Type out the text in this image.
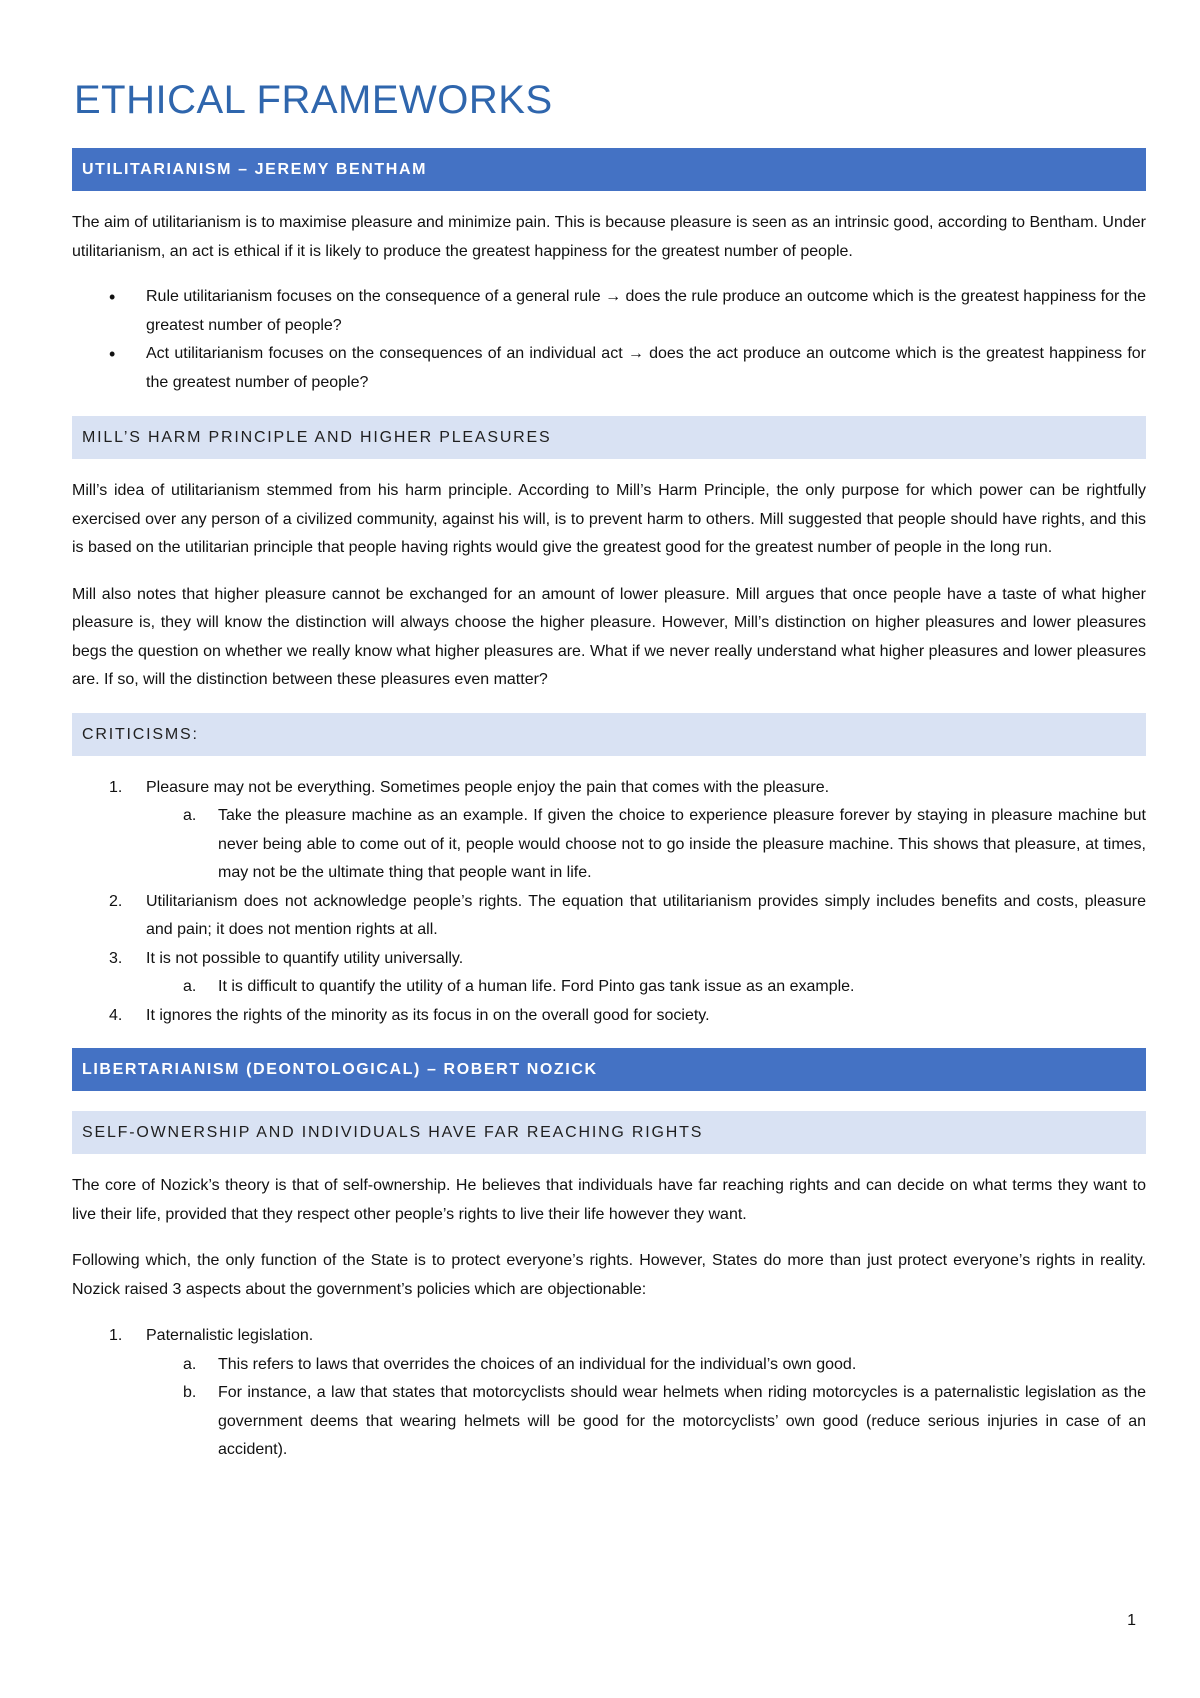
ETHICAL FRAMEWORKS
UTILITARIANISM – JEREMY BENTHAM

The aim of utilitarianism is to maximise pleasure and minimize pain. This is because pleasure is seen as an intrinsic good, according to Bentham. Under utilitarianism, an act is ethical if it is likely to produce the greatest happiness for the greatest number of people.

• Rule utilitarianism focuses on the consequence of a general rule → does the rule produce an outcome which is the greatest happiness for the greatest number of people?
• Act utilitarianism focuses on the consequences of an individual act → does the act produce an outcome which is the greatest happiness for the greatest number of people?
MILL’S HARM PRINCIPLE AND HIGHER PLEASURES

Mill’s idea of utilitarianism stemmed from his harm principle. According to Mill’s Harm Principle, the only purpose for which power can be rightfully exercised over any person of a civilized community, against his will, is to prevent harm to others. Mill suggested that people should have rights, and this is based on the utilitarian principle that people having rights would give the greatest good for the greatest number of people in the long run.

Mill also notes that higher pleasure cannot be exchanged for an amount of lower pleasure. Mill argues that once people have a taste of what higher pleasure is, they will know the distinction will always choose the higher pleasure. However, Mill’s distinction on higher pleasures and lower pleasures begs the question on whether we really know what higher pleasures are. What if we never really understand what higher pleasures and lower pleasures are. If so, will the distinction between these pleasures even matter?

CRITICISMS:
1. Pleasure may not be everything. Sometimes people enjoy the pain that comes with the pleasure.
a. Take the pleasure machine as an example. If given the choice to experience pleasure forever by staying in pleasure machine but never being able to come out of it, people would choose not to go inside the pleasure machine. This shows that pleasure, at times, may not be the ultimate thing that people want in life.
2. Utilitarianism does not acknowledge people’s rights. The equation that utilitarianism provides simply includes benefits and costs, pleasure and pain; it does not mention rights at all.
3. It is not possible to quantify utility universally.
a. It is difficult to quantify the utility of a human life. Ford Pinto gas tank issue as an example.
4. It ignores the rights of the minority as its focus in on the overall good for society.
LIBERTARIANISM (DEONTOLOGICAL) – ROBERT NOZICK
SELF-OWNERSHIP AND INDIVIDUALS HAVE FAR REACHING RIGHTS

The core of Nozick’s theory is that of self-ownership. He believes that individuals have far reaching rights and can decide on what terms they want to live their life, provided that they respect other people’s rights to live their life however they want.

Following which, the only function of the State is to protect everyone’s rights. However, States do more than just protect everyone’s rights in reality. Nozick raised 3 aspects about the government’s policies which are objectionable:

1. Paternalistic legislation.
a. This refers to laws that overrides the choices of an individual for the individual’s own good.
b. For instance, a law that states that motorcyclists should wear helmets when riding motorcycles is a paternalistic legislation as the government deems that wearing helmets will be good for the motorcyclists’ own good (reduce serious injuries in case of an accident).
1
